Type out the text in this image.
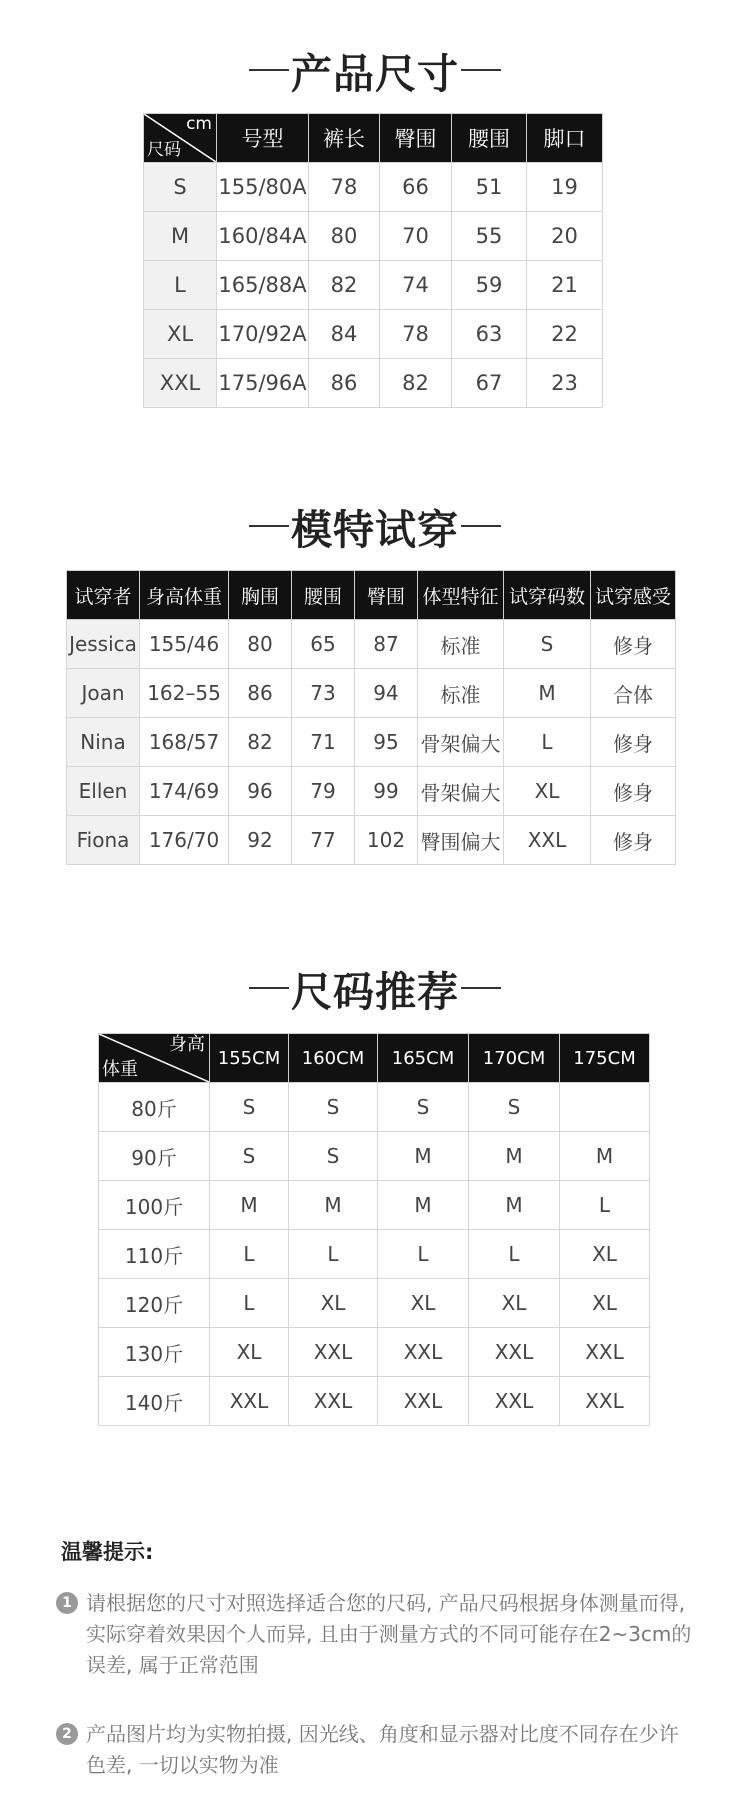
产品尺寸
cm
尺码	号型	裤长	臀围	腰围	脚口
S	155/80A	78	66	51	19
M	160/84A	80	70	55	20
L	165/88A	82	74	59	21
XL	170/92A	84	78	63	22
XXL	175/96A	86	82	67	23
模特试穿
试穿者	身高体重	胸围	腰围	臀围	体型特征	试穿码数	试穿感受
Jessica	155/46	80	65	87	标准	S	修身
Joan	162–55	86	73	94	标准	M	合体
Nina	168/57	82	71	95	骨架偏大	L	修身
Ellen	174/69	96	79	99	骨架偏大	XL	修身
Fiona	176/70	92	77	102	臀围偏大	XXL	修身
尺码推荐
身高
体重	155CM	160CM	165CM	170CM	175CM
80斤	S	S	S	S	
90斤	S	S	M	M	M
100斤	M	M	M	M	L
110斤	L	L	L	L	XL
120斤	L	XL	XL	XL	XL
130斤	XL	XXL	XXL	XXL	XXL
140斤	XXL	XXL	XXL	XXL	XXL
温馨提示:
1 请根据您的尺寸对照选择适合您的尺码, 产品尺码根据身体测量而得, 实际穿着效果因个人而异, 且由于测量方式的不同可能存在2~3cm的误差, 属于正常范围
2 产品图片均为实物拍摄, 因光线、角度和显示器对比度不同存在少许色差, 一切以实物为准
